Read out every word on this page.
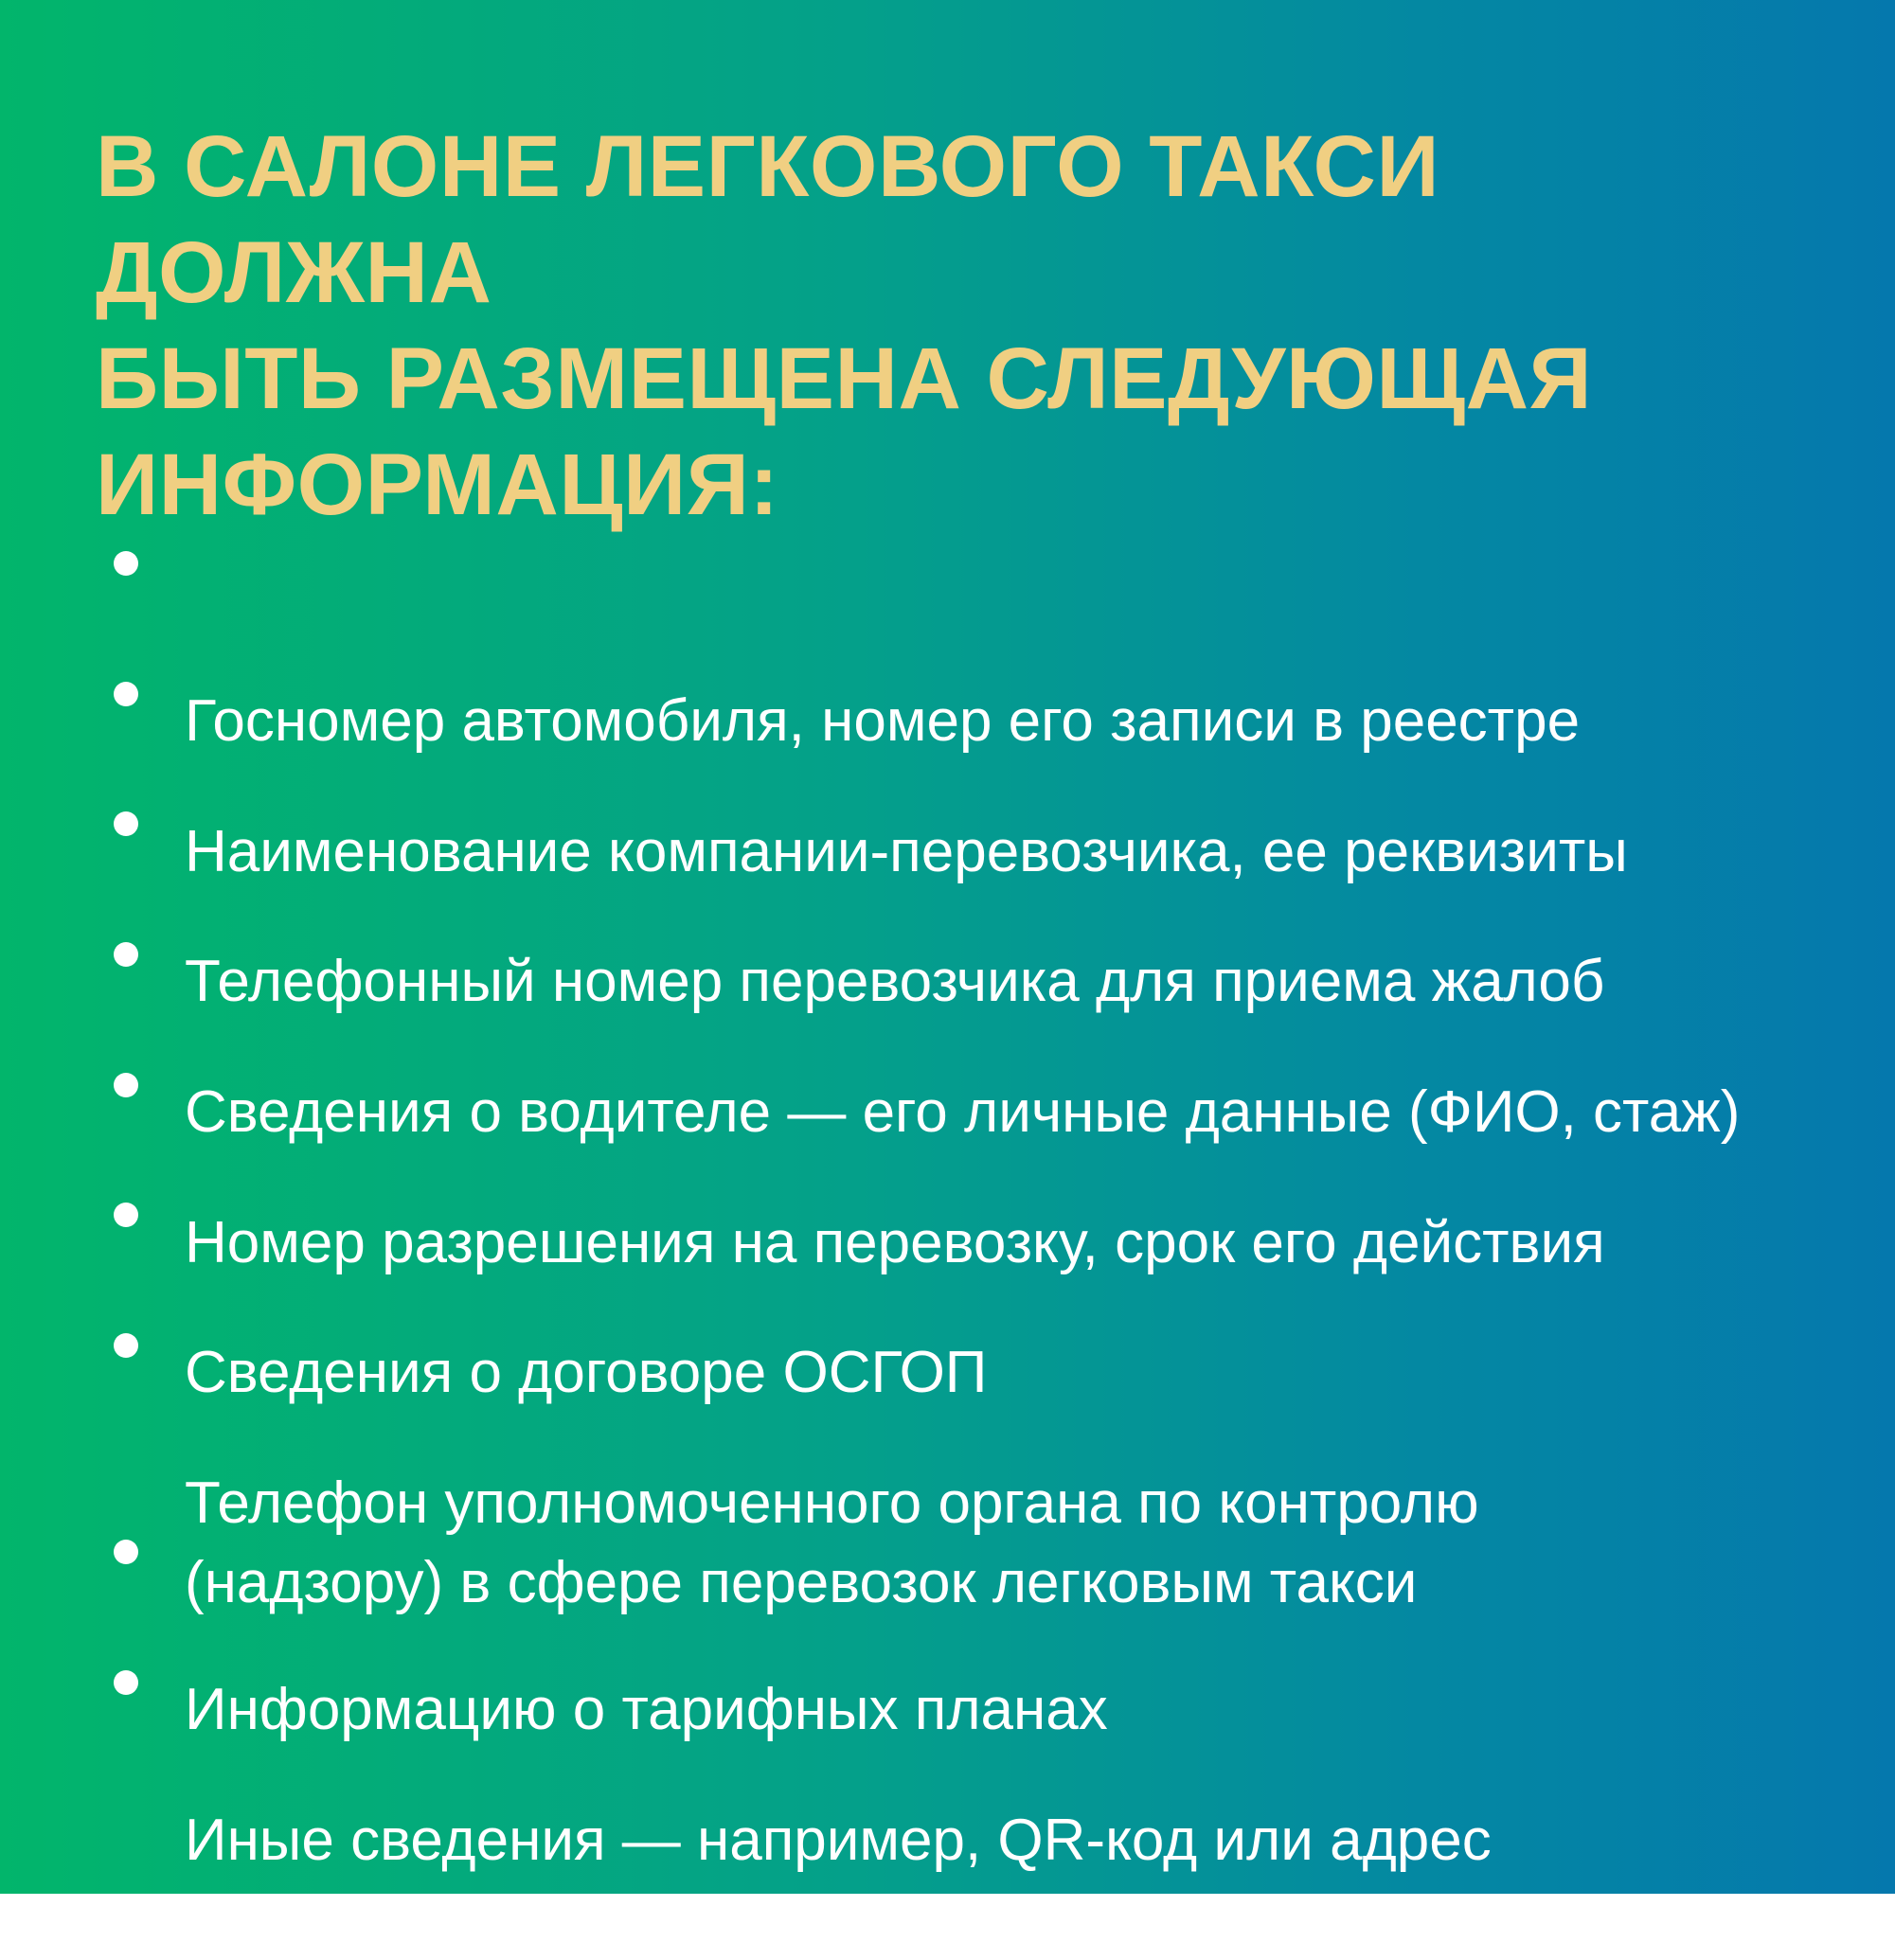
В САЛОНЕ ЛЕГКОВОГО ТАКСИ ДОЛЖНА
БЫТЬ РАЗМЕЩЕНА СЛЕДУЮЩАЯ
ИНФОРМАЦИЯ:

Госномер автомобиля, номер его записи в реестре

Наименование компании-перевозчика, ее реквизиты

Телефонный номер перевозчика для приема жалоб

Сведения о водителе — его личные данные (ФИО, стаж)

Номер разрешения на перевозку, срок его действия

Сведения о договоре ОСГОП

Телефон уполномоченного органа по контролю
(надзору) в сфере перевозок легковым такси

Информацию о тарифных планах

Иные сведения — например, QR-код или адрес
сайта перевозчика
